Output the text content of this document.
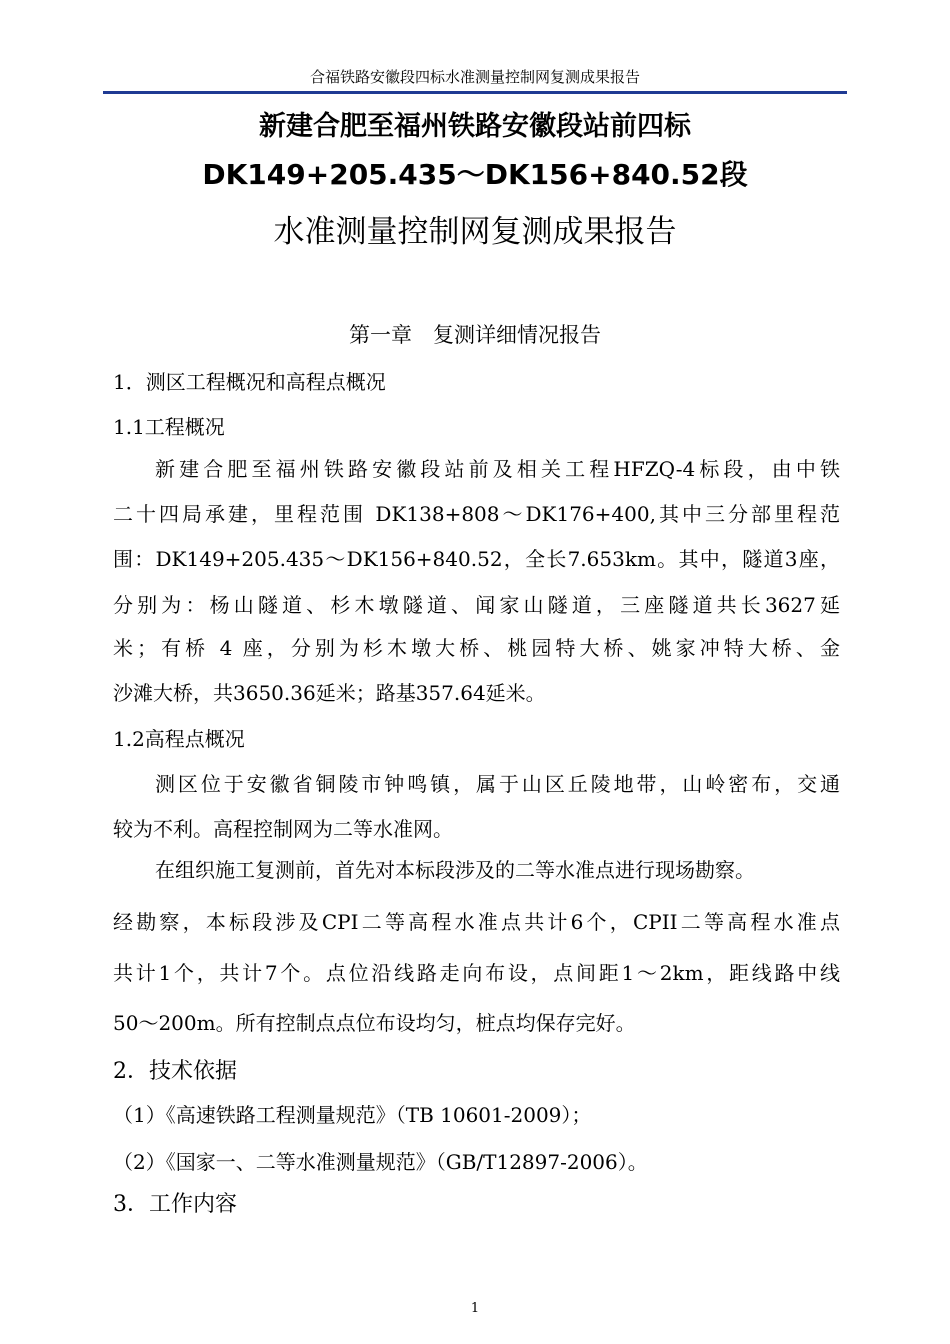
合福铁路安徽段四标水准测量控制网复测成果报告
新建合肥至福州铁路安徽段站前四标
DK149+205.435～DK156+840.52段
水准测量控制网复测成果报告
第一章　复测详细情况报告
1．测区工程概况和高程点概况
1.1工程概况
新建合肥至福州铁路安徽段站前及相关工程HFZQ-4标段，由中铁
二十四局承建，里程范围 DK138+808～DK176+400,其中三分部里程范
围：DK149+205.435～DK156+840.52，全长7.653km。其中，隧道3座，
分别为：杨山隧道、杉木墩隧道、闻家山隧道，三座隧道共长3627延
米；有桥 4 座，分别为杉木墩大桥、桃园特大桥、姚家冲特大桥、金
沙滩大桥，共3650.36延米；路基357.64延米。
1.2高程点概况
测区位于安徽省铜陵市钟鸣镇，属于山区丘陵地带，山岭密布，交通
较为不利。高程控制网为二等水准网。
在组织施工复测前，首先对本标段涉及的二等水准点进行现场勘察。
经勘察，本标段涉及CPI二等高程水准点共计6个，CPII二等高程水准点
共计1个，共计7个。点位沿线路走向布设，点间距1～2km，距线路中线
50～200m。所有控制点点位布设均匀，桩点均保存完好。
2．技术依据
（1）《高速铁路工程测量规范》（TB 10601-2009）；
（2）《国家一、二等水准测量规范》（GB/T12897-2006）。
3．工作内容
1
